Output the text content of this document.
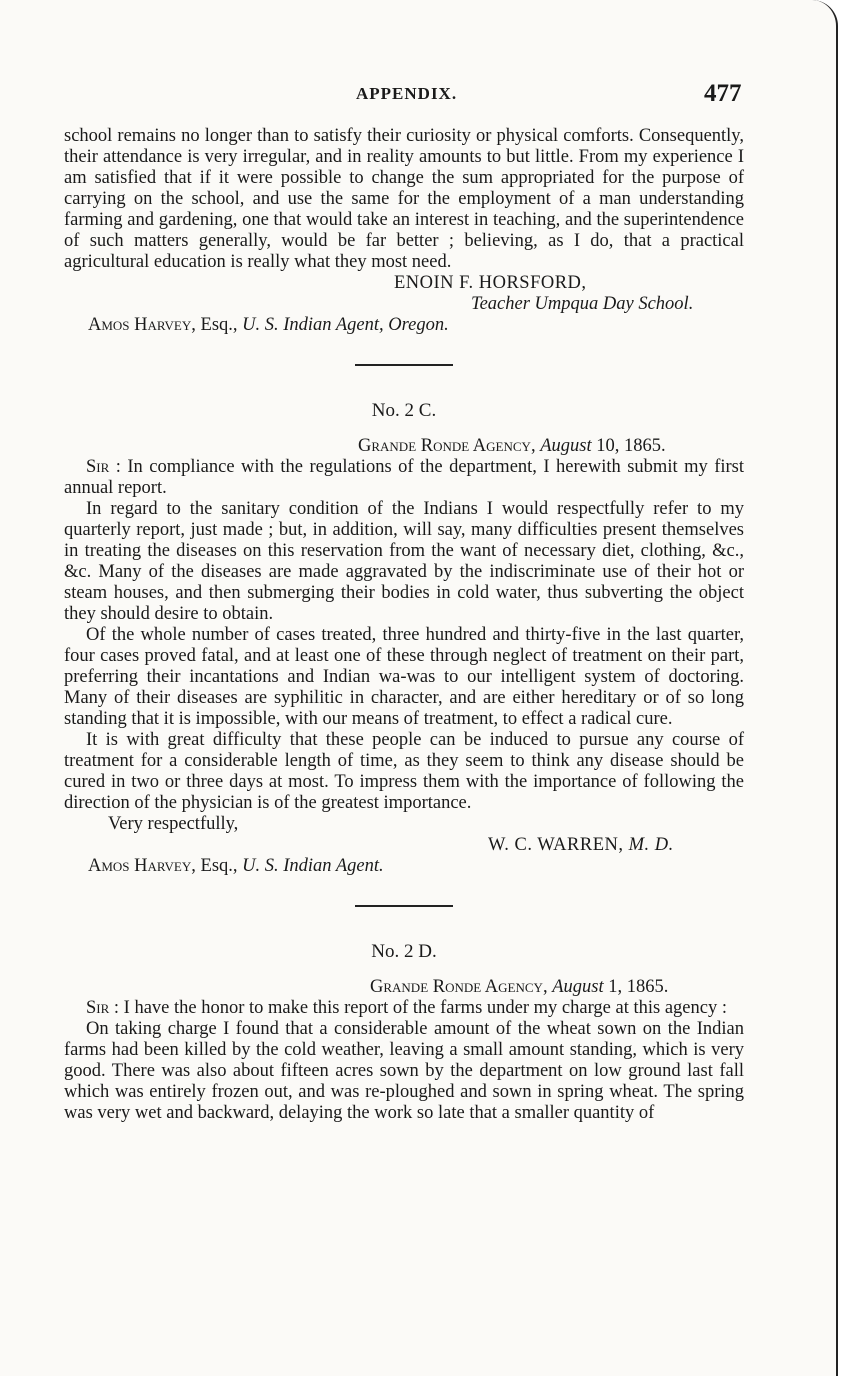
APPENDIX.	477

school remains no longer than to satisfy their curiosity or physical comforts. Consequently, their attendance is very irregular, and in reality amounts to but little. From my experience I am satisfied that if it were possible to change the sum appropriated for the purpose of carrying on the school, and use the same for the employment of a man understanding farming and gardening, one that would take an interest in teaching, and the superintendence of such matters generally, would be far better ; believing, as I do, that a practical agricultural education is really what they most need.

ENOIN F. HORSFORD,

Teacher Umpqua Day School.

Amos Harvey, Esq., U. S. Indian Agent, Oregon.

No. 2 C.

Grande Ronde Agency, August 10, 1865.

Sir : In compliance with the regulations of the department, I herewith submit my first annual report.

In regard to the sanitary condition of the Indians I would respectfully refer to my quarterly report, just made ; but, in addition, will say, many difficulties present themselves in treating the diseases on this reservation from the want of necessary diet, clothing, &c., &c. Many of the diseases are made aggravated by the indiscriminate use of their hot or steam houses, and then submerging their bodies in cold water, thus subverting the object they should desire to obtain.

Of the whole number of cases treated, three hundred and thirty-five in the last quarter, four cases proved fatal, and at least one of these through neglect of treatment on their part, preferring their incantations and Indian wa-was to our intelligent system of doctoring. Many of their diseases are syphilitic in character, and are either hereditary or of so long standing that it is impossible, with our means of treatment, to effect a radical cure.

It is with great difficulty that these people can be induced to pursue any course of treatment for a considerable length of time, as they seem to think any disease should be cured in two or three days at most. To impress them with the importance of following the direction of the physician is of the greatest importance.

Very respectfully,

W. C. WARREN, M. D.

Amos Harvey, Esq., U. S. Indian Agent.

No. 2 D.

Grande Ronde Agency, August 1, 1865.

Sir : I have the honor to make this report of the farms under my charge at this agency :

On taking charge I found that a considerable amount of the wheat sown on the Indian farms had been killed by the cold weather, leaving a small amount standing, which is very good. There was also about fifteen acres sown by the department on low ground last fall which was entirely frozen out, and was re-ploughed and sown in spring wheat. The spring was very wet and backward, delaying the work so late that a smaller quantity of
